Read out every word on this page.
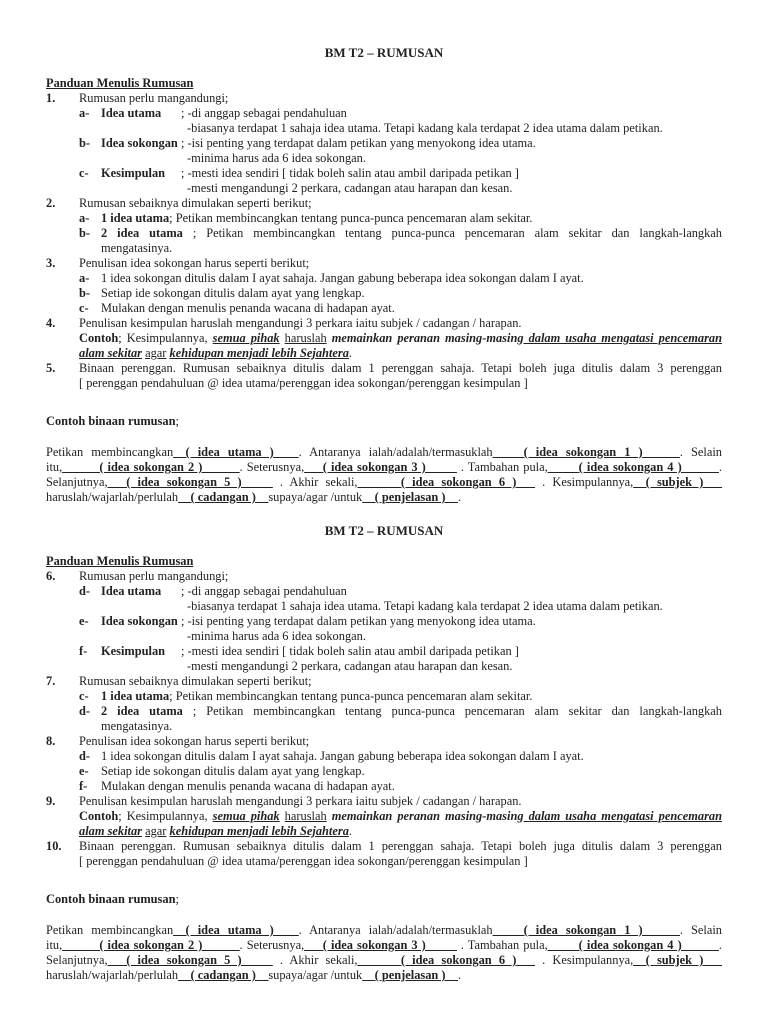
BM T2 – RUMUSAN
Panduan Menulis Rumusan
1. Rumusan perlu mangandungi;
a- Idea utama ; -di anggap sebagai pendahuluan
-biasanya terdapat 1 sahaja idea utama. Tetapi kadang kala terdapat 2 idea utama dalam petikan.
b- Idea sokongan ; -isi penting yang terdapat dalam petikan yang menyokong idea utama.
-minima harus ada 6 idea sokongan.
c- Kesimpulan ; -mesti idea sendiri [ tidak boleh salin atau ambil daripada petikan ]
-mesti mengandungi 2 perkara, cadangan atau harapan dan kesan.
2. Rumusan sebaiknya dimulakan seperti berikut;
a- 1 idea utama; Petikan membincangkan tentang punca-punca pencemaran alam sekitar.
b- 2 idea utama ; Petikan membincangkan tentang punca-punca pencemaran alam sekitar dan langkah-langkah
mengatasinya.
3. Penulisan idea sokongan harus seperti berikut;
a- 1 idea sokongan ditulis dalam I ayat sahaja. Jangan gabung beberapa idea sokongan dalam I ayat.
b- Setiap ide sokongan ditulis dalam ayat yang lengkap.
c- Mulakan dengan menulis penanda wacana di hadapan ayat.
4. Penulisan kesimpulan haruslah mengandungi 3 perkara iaitu subjek / cadangan / harapan.
Contoh; Kesimpulannya, semua pihak haruslah memainkan peranan masing-masing dalam usaha mengatasi pencemaran
alam sekitar agar kehidupan menjadi lebih Sejahtera.
5.	Binaan perenggan. Rumusan sebaiknya ditulis dalam 1 perenggan sahaja. Tetapi boleh juga ditulis dalam 3 perenggan
[ perenggan pendahuluan @ idea utama/perenggan idea sokongan/perenggan kesimpulan ]
Contoh binaan rumusan;
Petikan membincangkan__( idea utama )____. Antaranya ialah/adalah/termasuklah_____( idea sokongan 1 )______. Selain
itu,______( idea sokongan 2 )______. Seterusnya,___( idea sokongan 3 )_____ . Tambahan pula,_____( idea sokongan 4 )______.
Selanjutnya,___( idea sokongan 5 )_____ . Akhir sekali,_______( idea sokongan 6 )___ . Kesimpulannya,__( subjek )___
haruslah/wajarlah/perlulah__( cadangan )__supaya/agar /untuk__( penjelasan )__.
BM T2 – RUMUSAN
Panduan Menulis Rumusan
6. Rumusan perlu mangandungi;
d- Idea utama ; -di anggap sebagai pendahuluan
-biasanya terdapat 1 sahaja idea utama. Tetapi kadang kala terdapat 2 idea utama dalam petikan.
e- Idea sokongan ; -isi penting yang terdapat dalam petikan yang menyokong idea utama.
-minima harus ada 6 idea sokongan.
f- Kesimpulan ; -mesti idea sendiri [ tidak boleh salin atau ambil daripada petikan ]
-mesti mengandungi 2 perkara, cadangan atau harapan dan kesan.
7. Rumusan sebaiknya dimulakan seperti berikut;
c- 1 idea utama; Petikan membincangkan tentang punca-punca pencemaran alam sekitar.
d- 2 idea utama ; Petikan membincangkan tentang punca-punca pencemaran alam sekitar dan langkah-langkah
mengatasinya.
8. Penulisan idea sokongan harus seperti berikut;
d- 1 idea sokongan ditulis dalam I ayat sahaja. Jangan gabung beberapa idea sokongan dalam I ayat.
e- Setiap ide sokongan ditulis dalam ayat yang lengkap.
f- Mulakan dengan menulis penanda wacana di hadapan ayat.
9. Penulisan kesimpulan haruslah mengandungi 3 perkara iaitu subjek / cadangan / harapan.
Contoh; Kesimpulannya, semua pihak haruslah memainkan peranan masing-masing dalam usaha mengatasi pencemaran
alam sekitar agar kehidupan menjadi lebih Sejahtera.
10.	Binaan perenggan. Rumusan sebaiknya ditulis dalam 1 perenggan sahaja. Tetapi boleh juga ditulis dalam 3 perenggan
[ perenggan pendahuluan @ idea utama/perenggan idea sokongan/perenggan kesimpulan ]
Contoh binaan rumusan;
Petikan membincangkan__( idea utama )____. Antaranya ialah/adalah/termasuklah_____( idea sokongan 1 )______. Selain
itu,______( idea sokongan 2 )______. Seterusnya,___( idea sokongan 3 )_____ . Tambahan pula,_____( idea sokongan 4 )______.
Selanjutnya,___( idea sokongan 5 )_____ . Akhir sekali,_______( idea sokongan 6 )___ . Kesimpulannya,__( subjek )___
haruslah/wajarlah/perlulah__( cadangan )__supaya/agar /untuk__( penjelasan )__.
